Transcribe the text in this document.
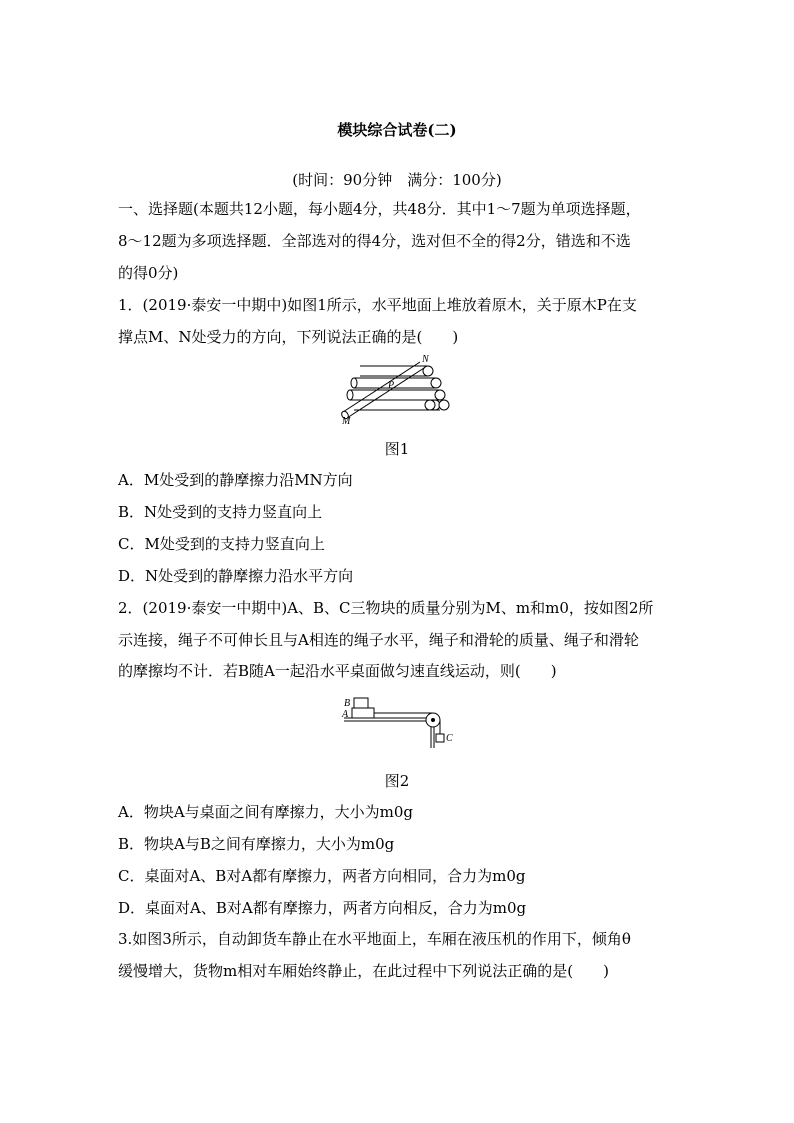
模块综合试卷(二)
(时间：90分钟　满分：100分)
一、选择题(本题共12小题，每小题4分，共48分．其中1～7题为单项选择题，
8～12题为多项选择题．全部选对的得4分，选对但不全的得2分，错选和不选
的得0分)
1．(2019·泰安一中期中)如图1所示，水平地面上堆放着原木，关于原木P在支
撑点M、N处受力的方向，下列说法正确的是(　　)
N
P
M
图1
A．M处受到的静摩擦力沿MN方向
B．N处受到的支持力竖直向上
C．M处受到的支持力竖直向上
D．N处受到的静摩擦力沿水平方向
2．(2019·泰安一中期中)A、B、C三物块的质量分别为M、m和m0，按如图2所
示连接，绳子不可伸长且与A相连的绳子水平，绳子和滑轮的质量、绳子和滑轮
的摩擦均不计．若B随A一起沿水平桌面做匀速直线运动，则(　　)
B
A
C
图2
A．物块A与桌面之间有摩擦力，大小为m0g
B．物块A与B之间有摩擦力，大小为m0g
C．桌面对A、B对A都有摩擦力，两者方向相同，合力为m0g
D．桌面对A、B对A都有摩擦力，两者方向相反，合力为m0g
3.如图3所示，自动卸货车静止在水平地面上，车厢在液压机的作用下，倾角θ
缓慢增大，货物m相对车厢始终静止，在此过程中下列说法正确的是(　　)
